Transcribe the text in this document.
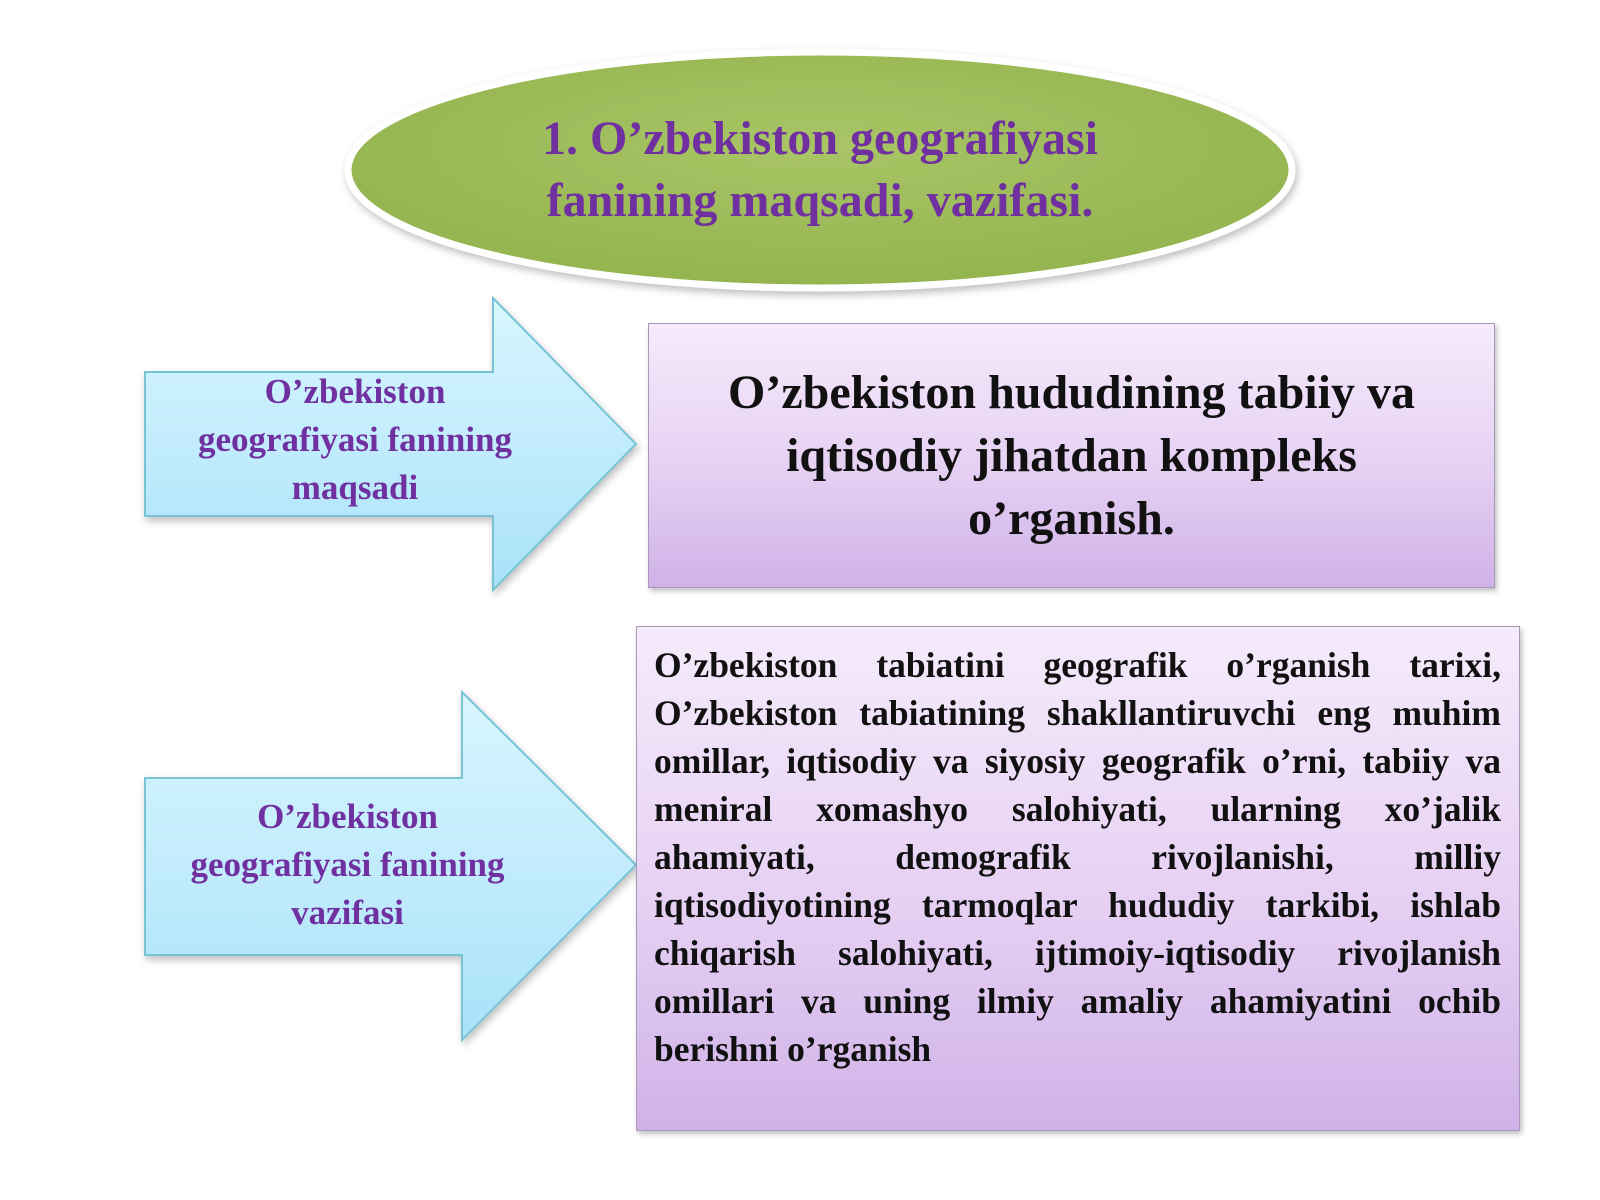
1. O’zbekiston geografiyasi
fanining maqsadi, vazifasi.
O’zbekiston
geografiyasi fanining
maqsadi
O’zbekiston
geografiyasi fanining
vazifasi
O’zbekiston hududining tabiiy va iqtisodiy jihatdan kompleks o’rganish.
O’zbekiston tabiatini geografik o’rganish tarixi, O’zbekiston tabiatining shakllantiruvchi eng muhim omillar, iqtisodiy va siyosiy geografik o’rni, tabiiy va meniral xomashyo salohiyati, ularning xo’jalik ahamiyati, demografik rivojlanishi, milliy iqtisodiyotining tarmoqlar hududiy tarkibi, ishlab chiqarish salohiyati, ijtimoiy-iqtisodiy rivojlanish omillari va uning ilmiy amaliy ahamiyatini ochib berishni o’rganish
